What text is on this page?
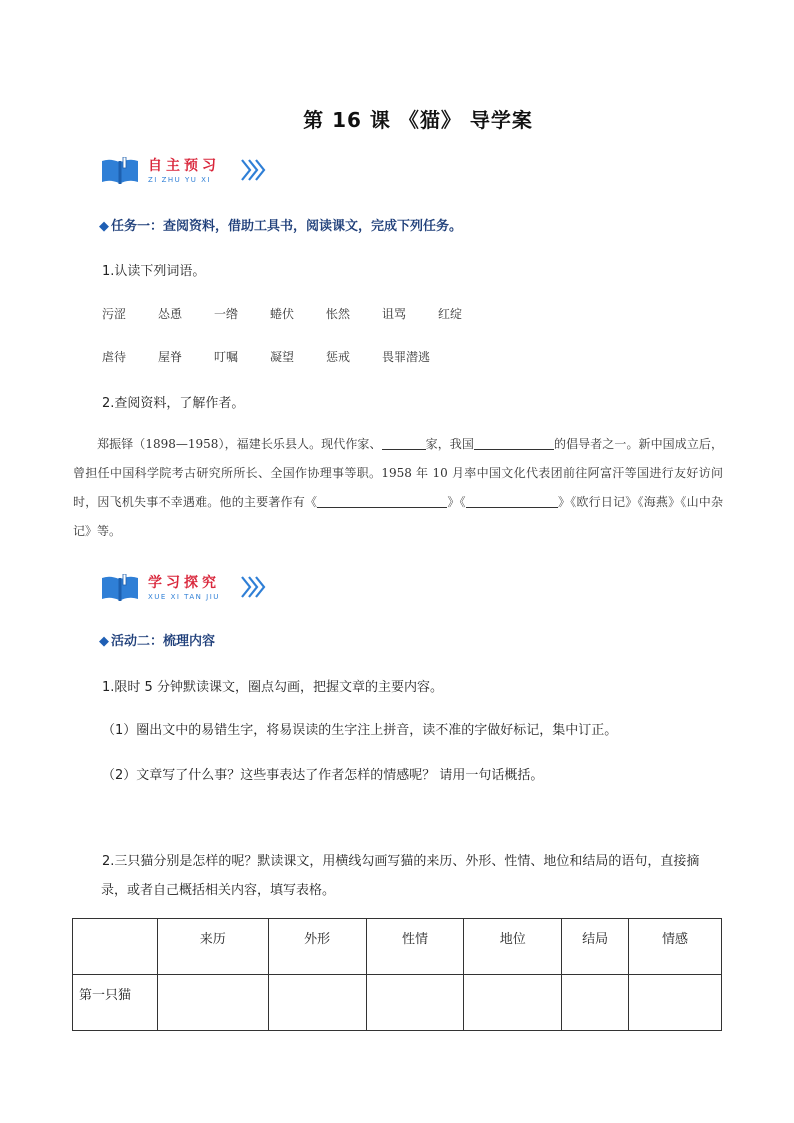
第 16 课 《猫》 导学案
自主预习
ZI ZHU YU XI
◆ 任务一：查阅资料，借助工具书，阅读课文，完成下列任务。
1.认读下列词语。
污涩	怂恿	一绺	蜷伏	怅然	诅骂	红绽
虐待	屋脊	叮嘱	凝望	惩戒	畏罪潜逃
2.查阅资料，了解作者。
郑振铎（1898—1958），福建长乐县人。现代作家、	家，我国	的倡导者之一。新中国成立后，曾担任中国科学院考古研究所所长、全国作协理事等职。1958 年 10 月率中国文化代表团前往阿富汗等国进行友好访问时，因飞机失事不幸遇难。他的主要著作有《	》《	》《欧行日记》《海燕》《山中杂记》等。
学习探究
XUE XI TAN JIU
◆ 活动二：梳理内容
1.限时 5 分钟默读课文，圈点勾画，把握文章的主要内容。
（1）圈出文中的易错生字，将易误读的生字注上拼音，读不准的字做好标记，集中订正。
（2）文章写了什么事？这些事表达了作者怎样的情感呢？ 请用一句话概括。
2.三只猫分别是怎样的呢？默读课文，用横线勾画写猫的来历、外形、性情、地位和结局的语句，直接摘录，或者自己概括相关内容，填写表格。
	来历	外形	性情	地位	结局	情感
第一只猫						
